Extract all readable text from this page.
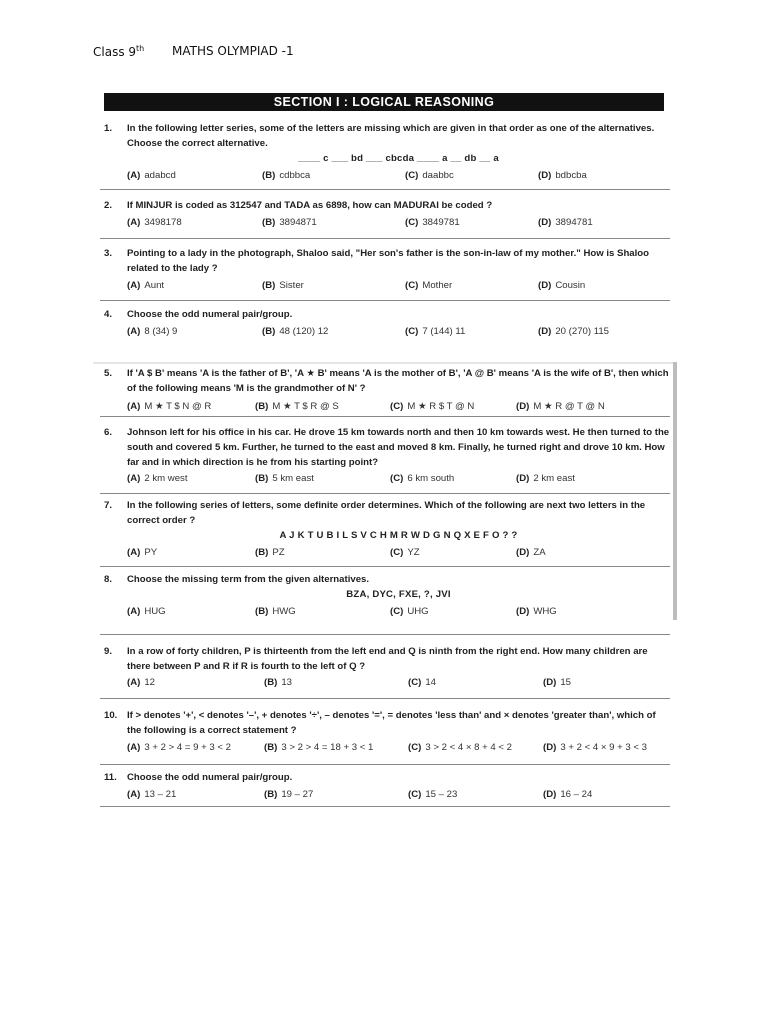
Class 9th MATHS OLYMPIAD -1
SECTION I : LOGICAL REASONING
1. In the following letter series, some of the letters are missing which are given in that order as one of the alternatives. Choose the correct alternative.
____ c ___ bd ___ cbcda ____ a __ db __ a
(A) adabcd	(B) cdbbca	(C) daabbc	(D) bdbcba
2. If MINJUR is coded as 312547 and TADA as 6898, how can MADURAI be coded ?
(A) 3498178	(B) 3894871	(C) 3849781	(D) 3894781
3. Pointing to a lady in the photograph, Shaloo said, "Her son's father is the son-in-law of my mother." How is Shaloo related to the lady ?
(A) Aunt	(B) Sister	(C) Mother	(D) Cousin
4. Choose the odd numeral pair/group.
(A) 8 (34) 9	(B) 48 (120) 12	(C) 7 (144) 11	(D) 20 (270) 115
5. If 'A $ B' means 'A is the father of B', 'A ★ B' means 'A is the mother of B', 'A @ B' means 'A is the wife of B', then which of the following means 'M is the grandmother of N' ?
(A) M ★ T $ N @ R	(B) M ★ T $ R @ S	(C) M ★ R $ T @ N	(D) M ★ R @ T @ N
6. Johnson left for his office in his car. He drove 15 km towards north and then 10 km towards west. He then turned to the south and covered 5 km. Further, he turned to the east and moved 8 km. Finally, he turned right and drove 10 km. How far and in which direction is he from his starting point?
(A) 2 km west	(B) 5 km east	(C) 6 km south	(D) 2 km east
7. In the following series of letters, some definite order determines. Which of the following are next two letters in the correct order ?
A J K T U B I L S V C H M R W D G N Q X E F O ? ?
(A) PY	(B) PZ	(C) YZ	(D) ZA
8. Choose the missing term from the given alternatives.
BZA, DYC, FXE, ?, JVI
(A) HUG	(B) HWG	(C) UHG	(D) WHG
9. In a row of forty children, P is thirteenth from the left end and Q is ninth from the right end. How many children are there between P and R if R is fourth to the left of Q ?
(A) 12	(B) 13	(C) 14	(D) 15
10. If > denotes '+', < denotes '–', + denotes '÷', – denotes '=', = denotes 'less than' and × denotes 'greater than', which of the following is a correct statement ?
(A) 3 + 2 > 4 = 9 + 3 < 2	(B) 3 > 2 > 4 = 18 + 3 < 1	(C) 3 > 2 < 4 × 8 + 4 < 2	(D) 3 + 2 < 4 × 9 + 3 < 3
11. Choose the odd numeral pair/group.
(A) 13 – 21	(B) 19 – 27	(C) 15 – 23	(D) 16 – 24
